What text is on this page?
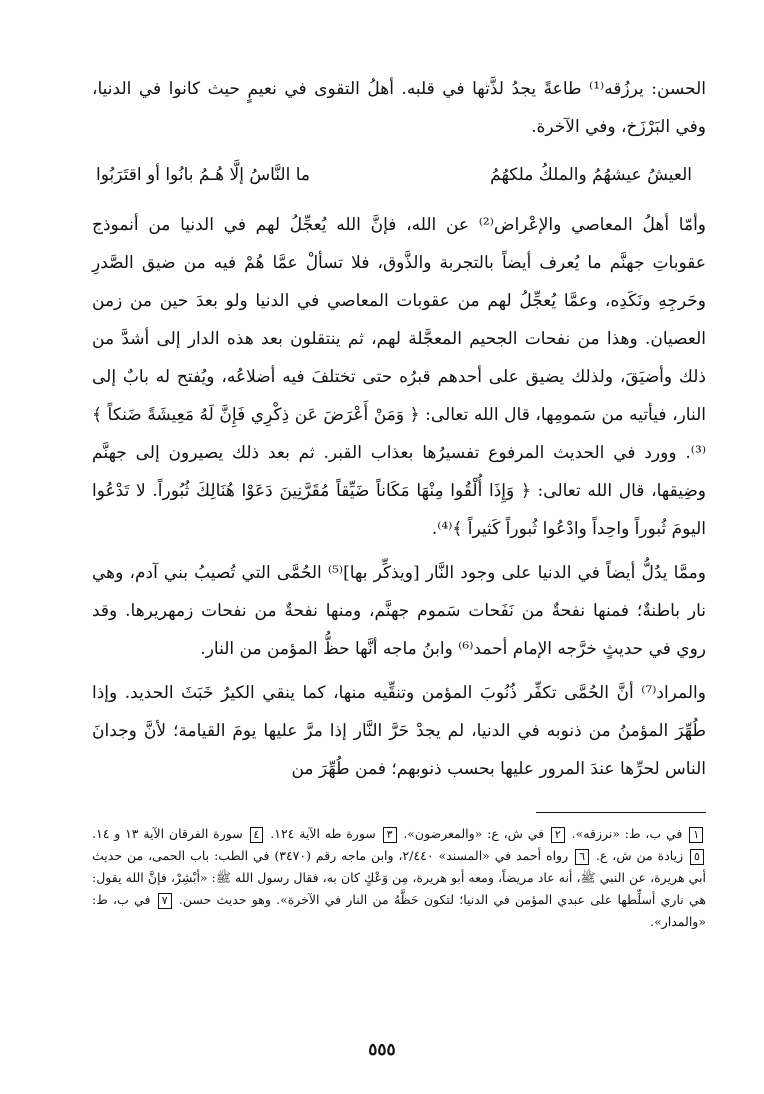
الحسن: يرزُقه⁽¹⁾ طاعةً يجدُ لذَّتها في قلبه. أهلُ التقوى في نعيمٍ حيث كانوا في الدنيا، وفي البَرْزَخ، وفي الآخرة.

العيشُ عيشهُمُ والملكُ ملكهُمُ
ما النَّاسُ إلَّا هُـمُ بانُوا أو اقتَرَبُوا

وأمّا أهلُ المعاصي والإعْراض⁽²⁾ عن الله، فإنَّ الله يُعجِّلُ لهم في الدنيا من أنموذج عقوباتِ جهنَّم ما يُعرف أيضاً بالتجربة والذَّوق، فلا تسألْ عمَّا هُمْ فيه من ضيق الصَّدرِ وحَرجِهِ ونَكَدِه، وعمَّا يُعجِّلُ لهم من عقوبات المعاصي في الدنيا ولو بعدَ حين من زمن العصيان. وهذا من نفحات الجحيم المعجَّلة لهم، ثم ينتقلون بعد هذه الدار إلى أشدَّ من ذلك وأضيَقَ، ولذلك يضيق على أحدهم قبرُه حتى تختلفَ فيه أضلاعُه، ويُفتح له بابٌ إلى النار، فيأتيه من سَمومِها، قال الله تعالى: ﴿ وَمَنْ أَعْرَضَ عَن ذِكْرِي فَإِنَّ لَهُ مَعِيشَةً ضَنكاً ﴾⁽³⁾. وورد في الحديث المرفوع تفسيرُها بعذاب القبر. ثم بعد ذلك يصيرون إلى جهنَّم وضِيقها، قال الله تعالى: ﴿ وَإِذَا أُلْقُوا مِنْهَا مَكَاناً ضَيِّقاً مُقَرَّنِينَ دَعَوْا هُنَالِكَ ثُبُوراً. لا تَدْعُوا اليومَ ثُبوراً واحِداً وادْعُوا ثُبوراً كَثيراً ﴾⁽⁴⁾.

وممَّا يدُلُّ أيضاً في الدنيا على وجود النَّار [ويذكِّر بها]⁽⁵⁾ الحُمَّى التي تُصيبُ بني آدم، وهي نار باطنةٌ؛ فمنها نفحةٌ من نَفَحات سَموم جهنَّم، ومنها نفحةٌ من نفحات زمهريرها. وقد روي في حديثٍ خرَّجه الإمام أحمد⁽⁶⁾ وابنُ ماجه أنَّها حظُّ المؤمن من النار.

والمراد⁽⁷⁾ أنَّ الحُمَّى تكفِّر ذُنُوبَ المؤمن وتنقِّيه منها، كما ينقي الكيرُ خَبَثَ الحديد. وإذا طُهِّرَ المؤمنُ من ذنوبه في الدنيا، لم يجدْ حَرَّ النَّار إذا مرَّ عليها يومَ القيامة؛ لأنَّ وجدانَ الناس لحرِّها عندَ المرور عليها بحسب ذنوبهم؛ فمن طُهِّرَ من

١ في ب، ط: «نرزقه». ٢ في ش، ع: «والمعرضون». ٣ سورة طه الآية ١٢٤. ٤ سورة الفرقان الآية ١٣ و ١٤. ٥ زيادة من ش، ع. ٦ رواه أحمد في «المسند» ٢/٤٤٠، وابن ماجه رقم (٣٤٧٠) في الطب: باب الحمى، من حديث أبي هريرة، عن النبي ﷺ، أنه عاد مريضاً، ومعه أبو هريرة، مِن وَعْكٍ كان به، فقال رسول الله ﷺ: «أبْشِرْ، فإنَّ الله يقول: هي ناري أسلِّطها على عبدي المؤمن في الدنيا؛ لتكون حَظَّهُ من النار في الآخرة». وهو حديث حسن. ٧ في ب، ط: «والمدار».
٥٥٥
